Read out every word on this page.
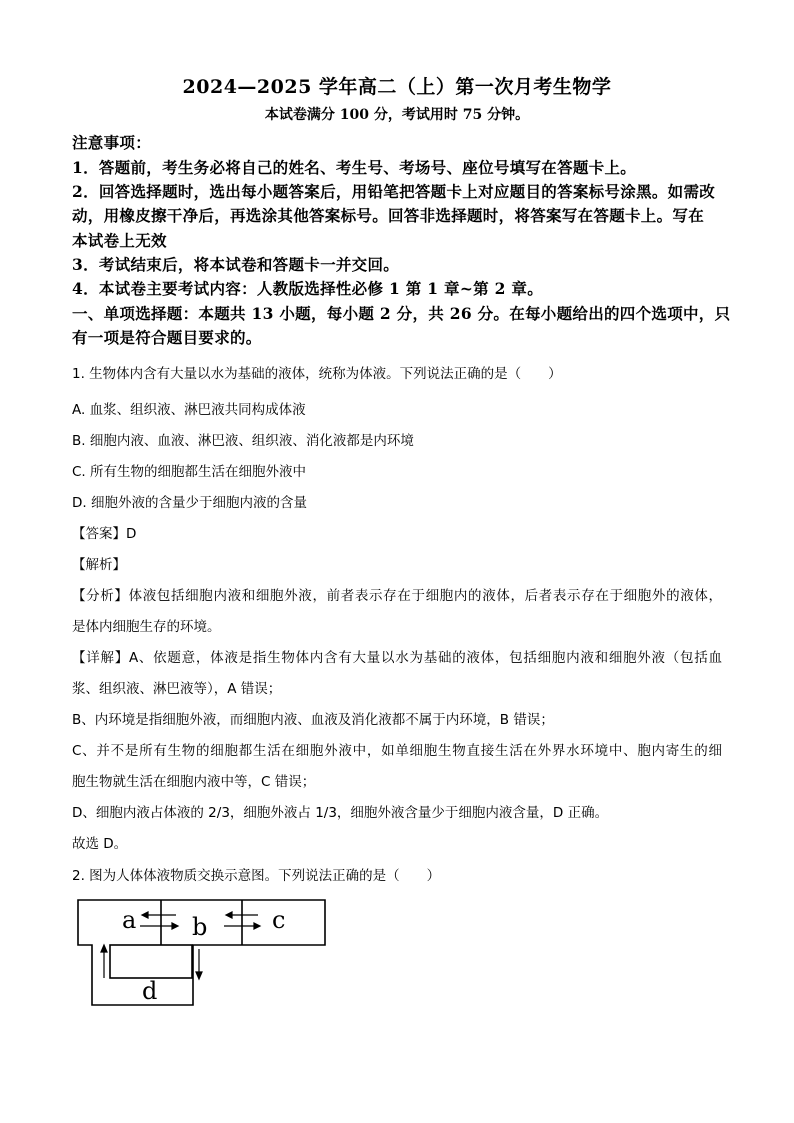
2024—2025 学年高二（上）第一次月考生物学
本试卷满分 100 分，考试用时 75 分钟。
注意事项：
1．答题前，考生务必将自己的姓名、考生号、考场号、座位号填写在答题卡上。
2．回答选择题时，选出每小题答案后，用铅笔把答题卡上对应题目的答案标号涂黑。如需改
动，用橡皮擦干净后，再选涂其他答案标号。回答非选择题时，将答案写在答题卡上。写在
本试卷上无效
3．考试结束后，将本试卷和答题卡一并交回。
4．本试卷主要考试内容：人教版选择性必修 1 第 1 章~第 2 章。
一、单项选择题：本题共 13 小题，每小题 2 分，共 26 分。在每小题给出的四个选项中，只
有一项是符合题目要求的。
1. 生物体内含有大量以水为基础的液体，统称为体液。下列说法正确的是（　　）
A. 血浆、组织液、淋巴液共同构成体液
B. 细胞内液、血液、淋巴液、组织液、消化液都是内环境
C. 所有生物的细胞都生活在细胞外液中
D. 细胞外液的含量少于细胞内液的含量
【答案】D
【解析】
【分析】体液包括细胞内液和细胞外液，前者表示存在于细胞内的液体，后者表示存在于细胞外的液体，
是体内细胞生存的环境。
【详解】A、依题意，体液是指生物体内含有大量以水为基础的液体，包括细胞内液和细胞外液（包括血
浆、组织液、淋巴液等），A 错误；
B、内环境是指细胞外液，而细胞内液、血液及消化液都不属于内环境，B 错误；
C、并不是所有生物的细胞都生活在细胞外液中，如单细胞生物直接生活在外界水环境中、胞内寄生的细
胞生物就生活在细胞内液中等，C 错误；
D、细胞内液占体液的 2/3，细胞外液占 1/3，细胞外液含量少于细胞内液含量，D 正确。
故选 D。
2. 图为人体体液物质交换示意图。下列说法正确的是（　　）
a b	c
d
